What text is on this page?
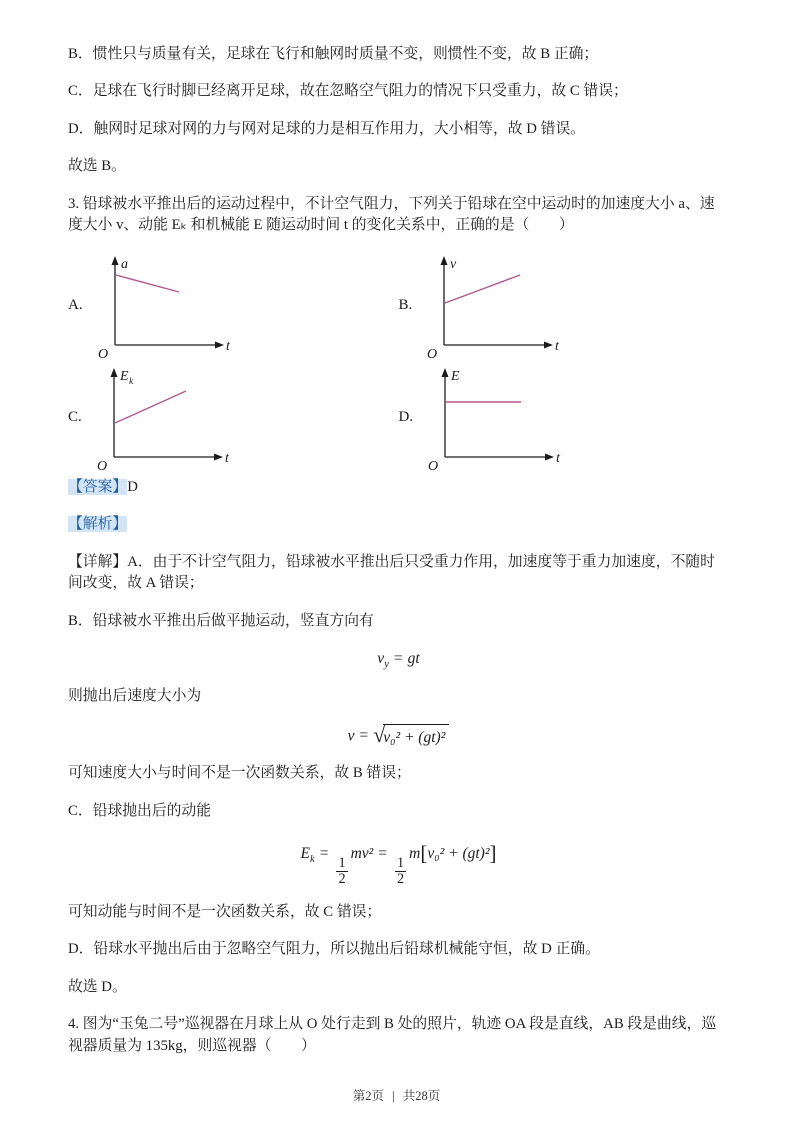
B．惯性只与质量有关，足球在飞行和触网时质量不变，则惯性不变，故 B 正确；

C．足球在飞行时脚已经离开足球，故在忽略空气阻力的情况下只受重力，故 C 错误；

D．触网时足球对网的力与网对足球的力是相互作用力，大小相等，故 D 错误。

故选 B。

3. 铅球被水平推出后的运动过程中，不计空气阻力，下列关于铅球在空中运动时的加速度大小 a、速度大小 v、动能 Eₖ 和机械能 E 随运动时间 t 的变化关系中，正确的是（　　）

A.
O
a
t
B.
O
v
t
C.
O
E k
t
D.
O
E
t

【答案】D

【解析】

【详解】A．由于不计空气阻力，铅球被水平推出后只受重力作用，加速度等于重力加速度，不随时间改变，故 A 错误；

B．铅球被水平推出后做平抛运动，竖直方向有

$v_y$ = gt

则抛出后速度大小为

v = √
v₀² + (gt)²

可知速度大小与时间不是一次函数关系，故 B 错误；

C．铅球抛出后的动能

$E_k$ =
$\frac{1}{2}$
mv² =
$\frac{1}{2}$
m[v₀² + (gt)²]

可知动能与时间不是一次函数关系，故 C 错误；

D．铅球水平抛出后由于忽略空气阻力，所以抛出后铅球机械能守恒，故 D 正确。

故选 D。

4. 图为“玉兔二号”巡视器在月球上从 O 处行走到 B 处的照片，轨迹 OA 段是直线，AB 段是曲线，巡视器质量为 135kg，则巡视器（　　）

第2页 | 共28页
